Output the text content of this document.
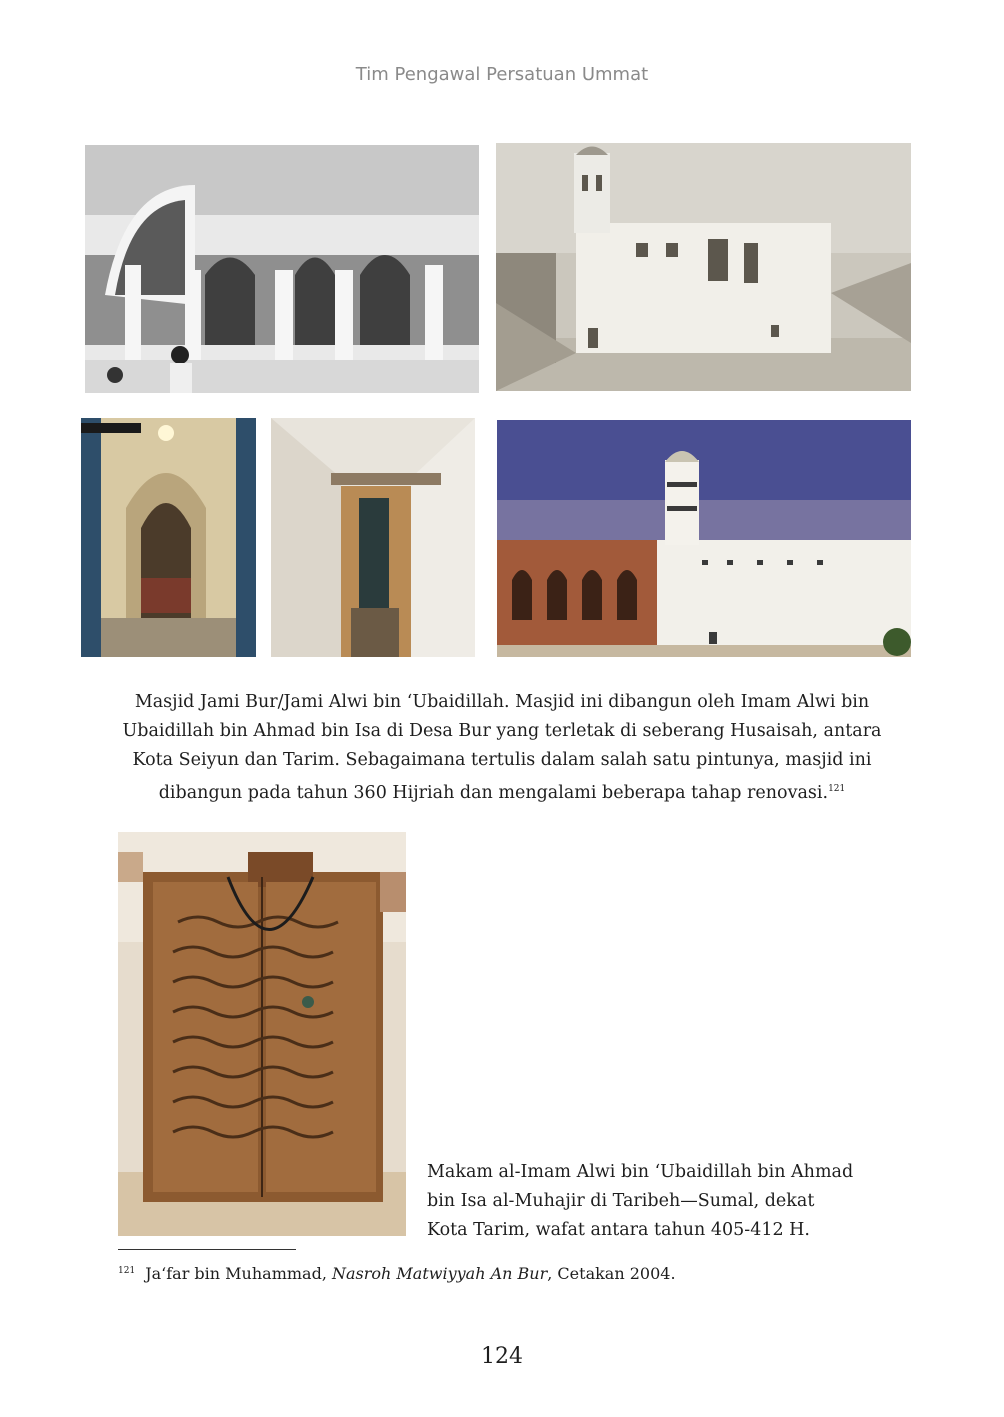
Tim Pengawal Persatuan Ummat
Masjid Jami Bur/Jami Alwi bin ‘Ubaidillah. Masjid ini dibangun oleh Imam Alwi bin Ubaidillah bin Ahmad bin Isa di Desa Bur yang terletak di seberang Husaisah, antara Kota Seiyun dan Tarim. Sebagaimana tertulis dalam salah satu pintunya, masjid ini dibangun pada tahun 360 Hijriah dan mengalami beberapa tahap renovasi.$^{121}$
Makam al-Imam Alwi bin ‘Ubaidillah bin Ahmad
bin Isa al-Muhajir di Taribeh—Sumal, dekat
Kota Tarim, wafat antara tahun 405-412 H.
$^{121}$ Ja‘far bin Muhammad, Nasroh Matwiyyah An Bur, Cetakan 2004.
124
